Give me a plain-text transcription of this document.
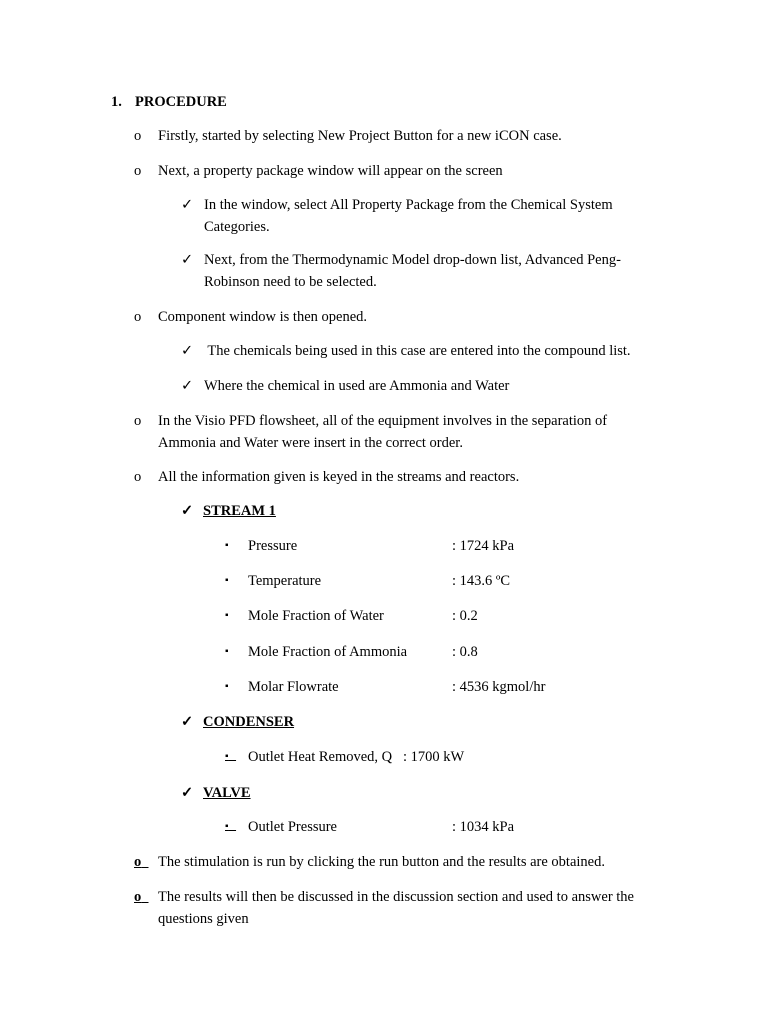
1. PROCEDURE
o	Firstly, started by selecting New Project Button for a new iCON case.
o	Next, a property package window will appear on the screen
✓ In the window, select All Property Package from the Chemical System
Categories.
✓ Next, from the Thermodynamic Model drop-down list, Advanced Peng-
Robinson need to be selected.
o	Component window is then opened.
✓ The chemicals being used in this case are entered into the compound list.
✓ Where the chemical in used are Ammonia and Water
o	In the Visio PFD flowsheet, all of the equipment involves in the separation of
Ammonia and Water were insert in the correct order.
o	All the information given is keyed in the streams and reactors.
✓ STREAM 1
▪ Pressure	: 1724 kPa
▪ Temperature	: 143.6 ºC
▪ Mole Fraction of Water	: 0.2
▪ Mole Fraction of Ammonia	: 0.8
▪ Molar Flowrate	: 4536 kgmol/hr
✓ CONDENSER
▪	Outlet Heat Removed, Q   : 1700 kW
✓ VALVE
▪	Outlet Pressure	: 1034 kPa
o	The stimulation is run by clicking the run button and the results are obtained.
o	The results will then be discussed in the discussion section and used to answer the
questions given
